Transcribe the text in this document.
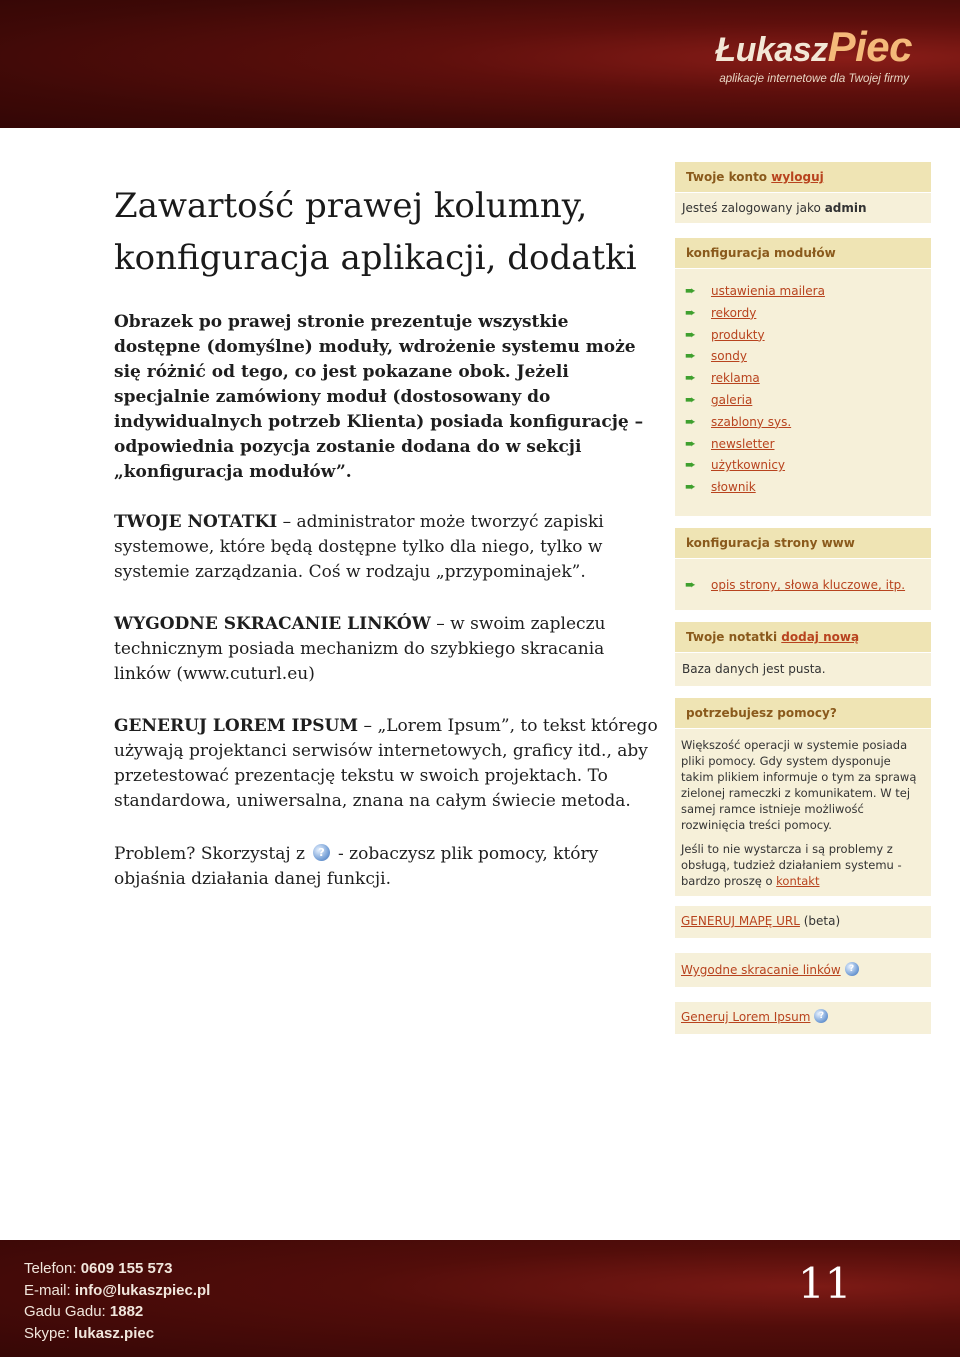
ŁukaszPiec
aplikacje internetowe dla Twojej firmy
Zawartość prawej kolumny,
konfiguracja aplikacji, dodatki

Obrazek po prawej stronie prezentuje wszystkie dostępne (domyślne) moduły, wdrożenie systemu może się różnić od tego, co jest pokazane obok. Jeżeli specjalnie zamówiony moduł (dostosowany do indywidualnych potrzeb Klienta) posiada konfigurację – odpowiednia pozycja zostanie dodana do w sekcji „konfiguracja modułów”.

TWOJE NOTATKI – administrator może tworzyć zapiski systemowe, które będą dostępne tylko dla niego, tylko w systemie zarządzania. Coś w rodzaju „przypominajek”.

WYGODNE SKRACANIE LINKÓW – w swoim zapleczu technicznym posiada mechanizm do szybkiego skracania linków (www.cuturl.eu)

GENERUJ LOREM IPSUM – „Lorem Ipsum”, to tekst którego używają projektanci serwisów internetowych, graficy itd., aby przetestować prezentację tekstu w swoich projektach. To standardowa, uniwersalna, znana na całym świecie metoda.

Problem? Skorzystaj z? - zobaczysz plik pomocy, który objaśnia działania danej funkcji.

Twoje konto wyloguj
Jesteś zalogowany jako admin
konfiguracja modułów
➨ ustawienia mailera
➨ rekordy
➨ produkty
➨ sondy
➨ reklama
➨ galeria
➨ szablony sys.
➨ newsletter
➨ użytkownicy
➨ słownik
konfiguracja strony www
➨ opis strony, słowa kluczowe, itp.
Twoje notatki dodaj nową
Baza danych jest pusta.
potrzebujesz pomocy?

Większość operacji w systemie posiada pliki pomocy. Gdy system dysponuje takim plikiem informuje o tym za sprawą zielonej rameczki z komunikatem. W tej samej ramce istnieje możliwość rozwinięcia treści pomocy.

Jeśli to nie wystarcza i są problemy z obsługą, tudzież działaniem systemu - bardzo proszę o kontakt

GENERUJ MAPĘ URL (beta)
Wygodne skracanie linków?
Generuj Lorem Ipsum?
Telefon: 0609 155 573
E-mail: info@lukaszpiec.pl
Gadu Gadu: 1882
Skype: lukasz.piec
11
